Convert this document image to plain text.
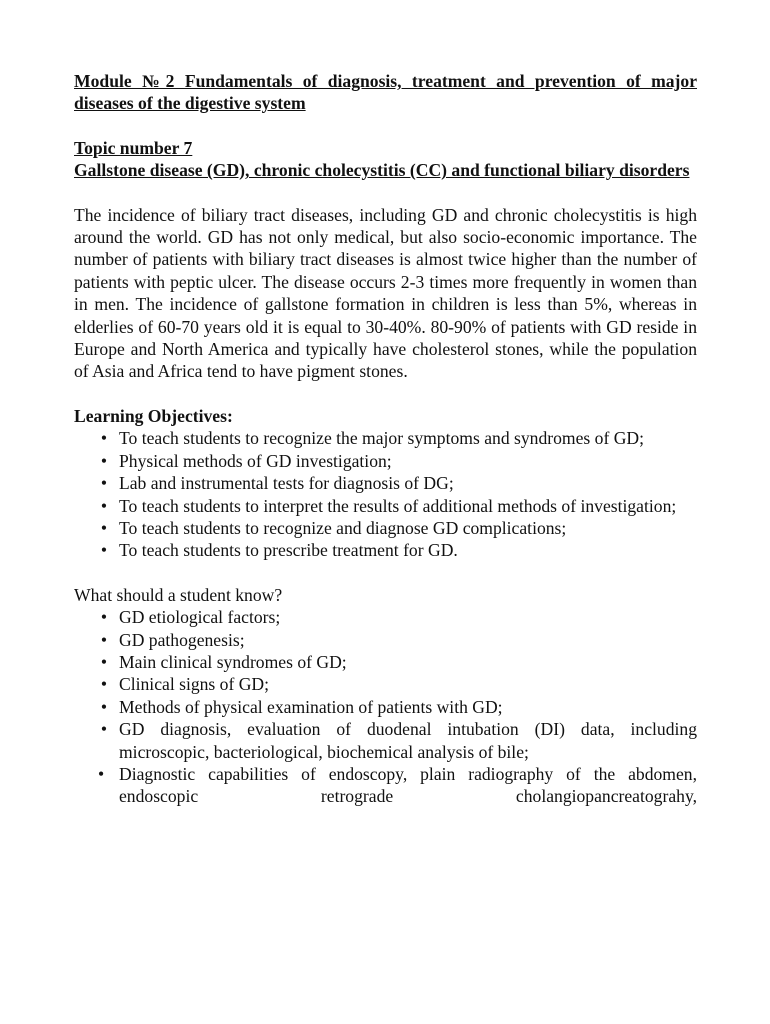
Module №2 Fundamentals of diagnosis, treatment and prevention of major diseases of the digestive system

Topic number 7
Gallstone disease (GD), chronic cholecystitis (CC) and functional biliary disorders
The incidence of biliary tract diseases, including GD and chronic cholecystitis is high around the world. GD has not only medical, but also socio-economic importance. The number of patients with biliary tract diseases is almost twice higher than the number of patients with peptic ulcer. The disease occurs 2-3 times more frequently in women than in men. The incidence of gallstone formation in children is less than 5%, whereas in elderlies of 60-70 years old it is equal to 30-40%. 80-90% of patients with GD reside in Europe and North America and typically have cholesterol stones, while the population of Asia and Africa tend to have pigment stones.
Learning Objectives:
• To teach students to recognize the major symptoms and syndromes of GD;
• Physical methods of GD investigation;
• Lab and instrumental tests for diagnosis of DG;
• To teach students to interpret the results of additional methods of investigation;
• To teach students to recognize and diagnose GD complications;
• To teach students to prescribe treatment for GD.
What should a student know?
• GD etiological factors;
• GD pathogenesis;
• Main clinical syndromes of GD;
• Clinical signs of GD;
• Methods of physical examination of patients with GD;
• GD diagnosis, evaluation of duodenal intubation (DI) data, including microscopic, bacteriological, biochemical analysis of bile;
• Diagnostic capabilities of endoscopy, plain radiography of the abdomen, endoscopic retrograde cholangiopancreatograhy,
